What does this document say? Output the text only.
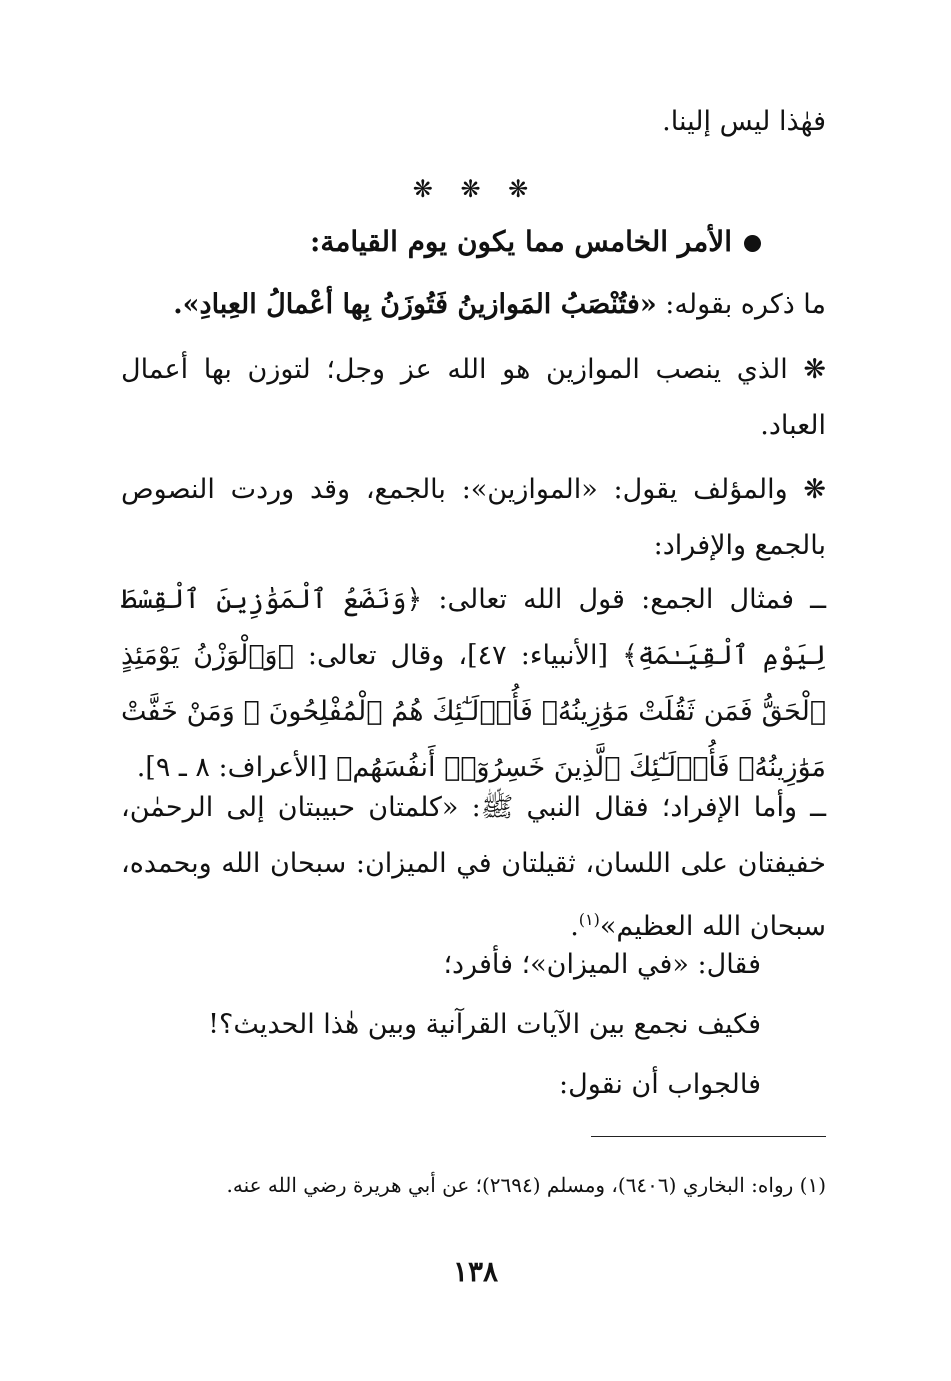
فهٰذا ليس إلينا.
❋ ❋ ❋
الأمر الخامس مما يكون يوم القيامة:
ما ذكره بقوله: «فتُنْصَبُ المَوازينُ فَتُوزَنُ بِها أعْمالُ العِبادِ».
❋ الذي ينصب الموازين هو الله عز وجل؛ لتوزن بها أعمال العباد.
❋ والمؤلف يقول: «الموازين»: بالجمع، وقد وردت النصوص بالجمع والإفراد:
ــ فمثال الجمع: قول الله تعالى: ﴿وَنَضَعُ ٱلْمَوَٰزِينَ ٱلْقِسْطَ لِيَوْمِ ٱلْقِيَـٰمَةِ﴾ [الأنبياء: ٤٧]، وقال تعالى: ﴿وَٱلْوَزْنُ يَوْمَئِذٍ ٱلْحَقُّ فَمَن ثَقُلَتْ مَوَٰزِينُهُۥ فَأُو۟لَـٰٓئِكَ هُمُ ٱلْمُفْلِحُونَ ۞ وَمَنْ خَفَّتْ مَوَٰزِينُهُۥ فَأُو۟لَـٰٓئِكَ ٱلَّذِينَ خَسِرُوٓا۟ أَنفُسَهُم﴾ [الأعراف: ٨ ـ ٩].
ــ وأما الإفراد؛ فقال النبي ﷺ: «كلمتان حبيبتان إلى الرحمٰن، خفيفتان على اللسان، ثقيلتان في الميزان: سبحان الله وبحمده، سبحان الله العظيم»$^{(١)}$.
فقال: «في الميزان»؛ فأفرد؛
فكيف نجمع بين الآيات القرآنية وبين هٰذا الحديث؟!
فالجواب أن نقول:
(١) رواه: البخاري (٦٤٠٦)، ومسلم (٢٦٩٤)؛ عن أبي هريرة رضي الله عنه.
١٣٨
